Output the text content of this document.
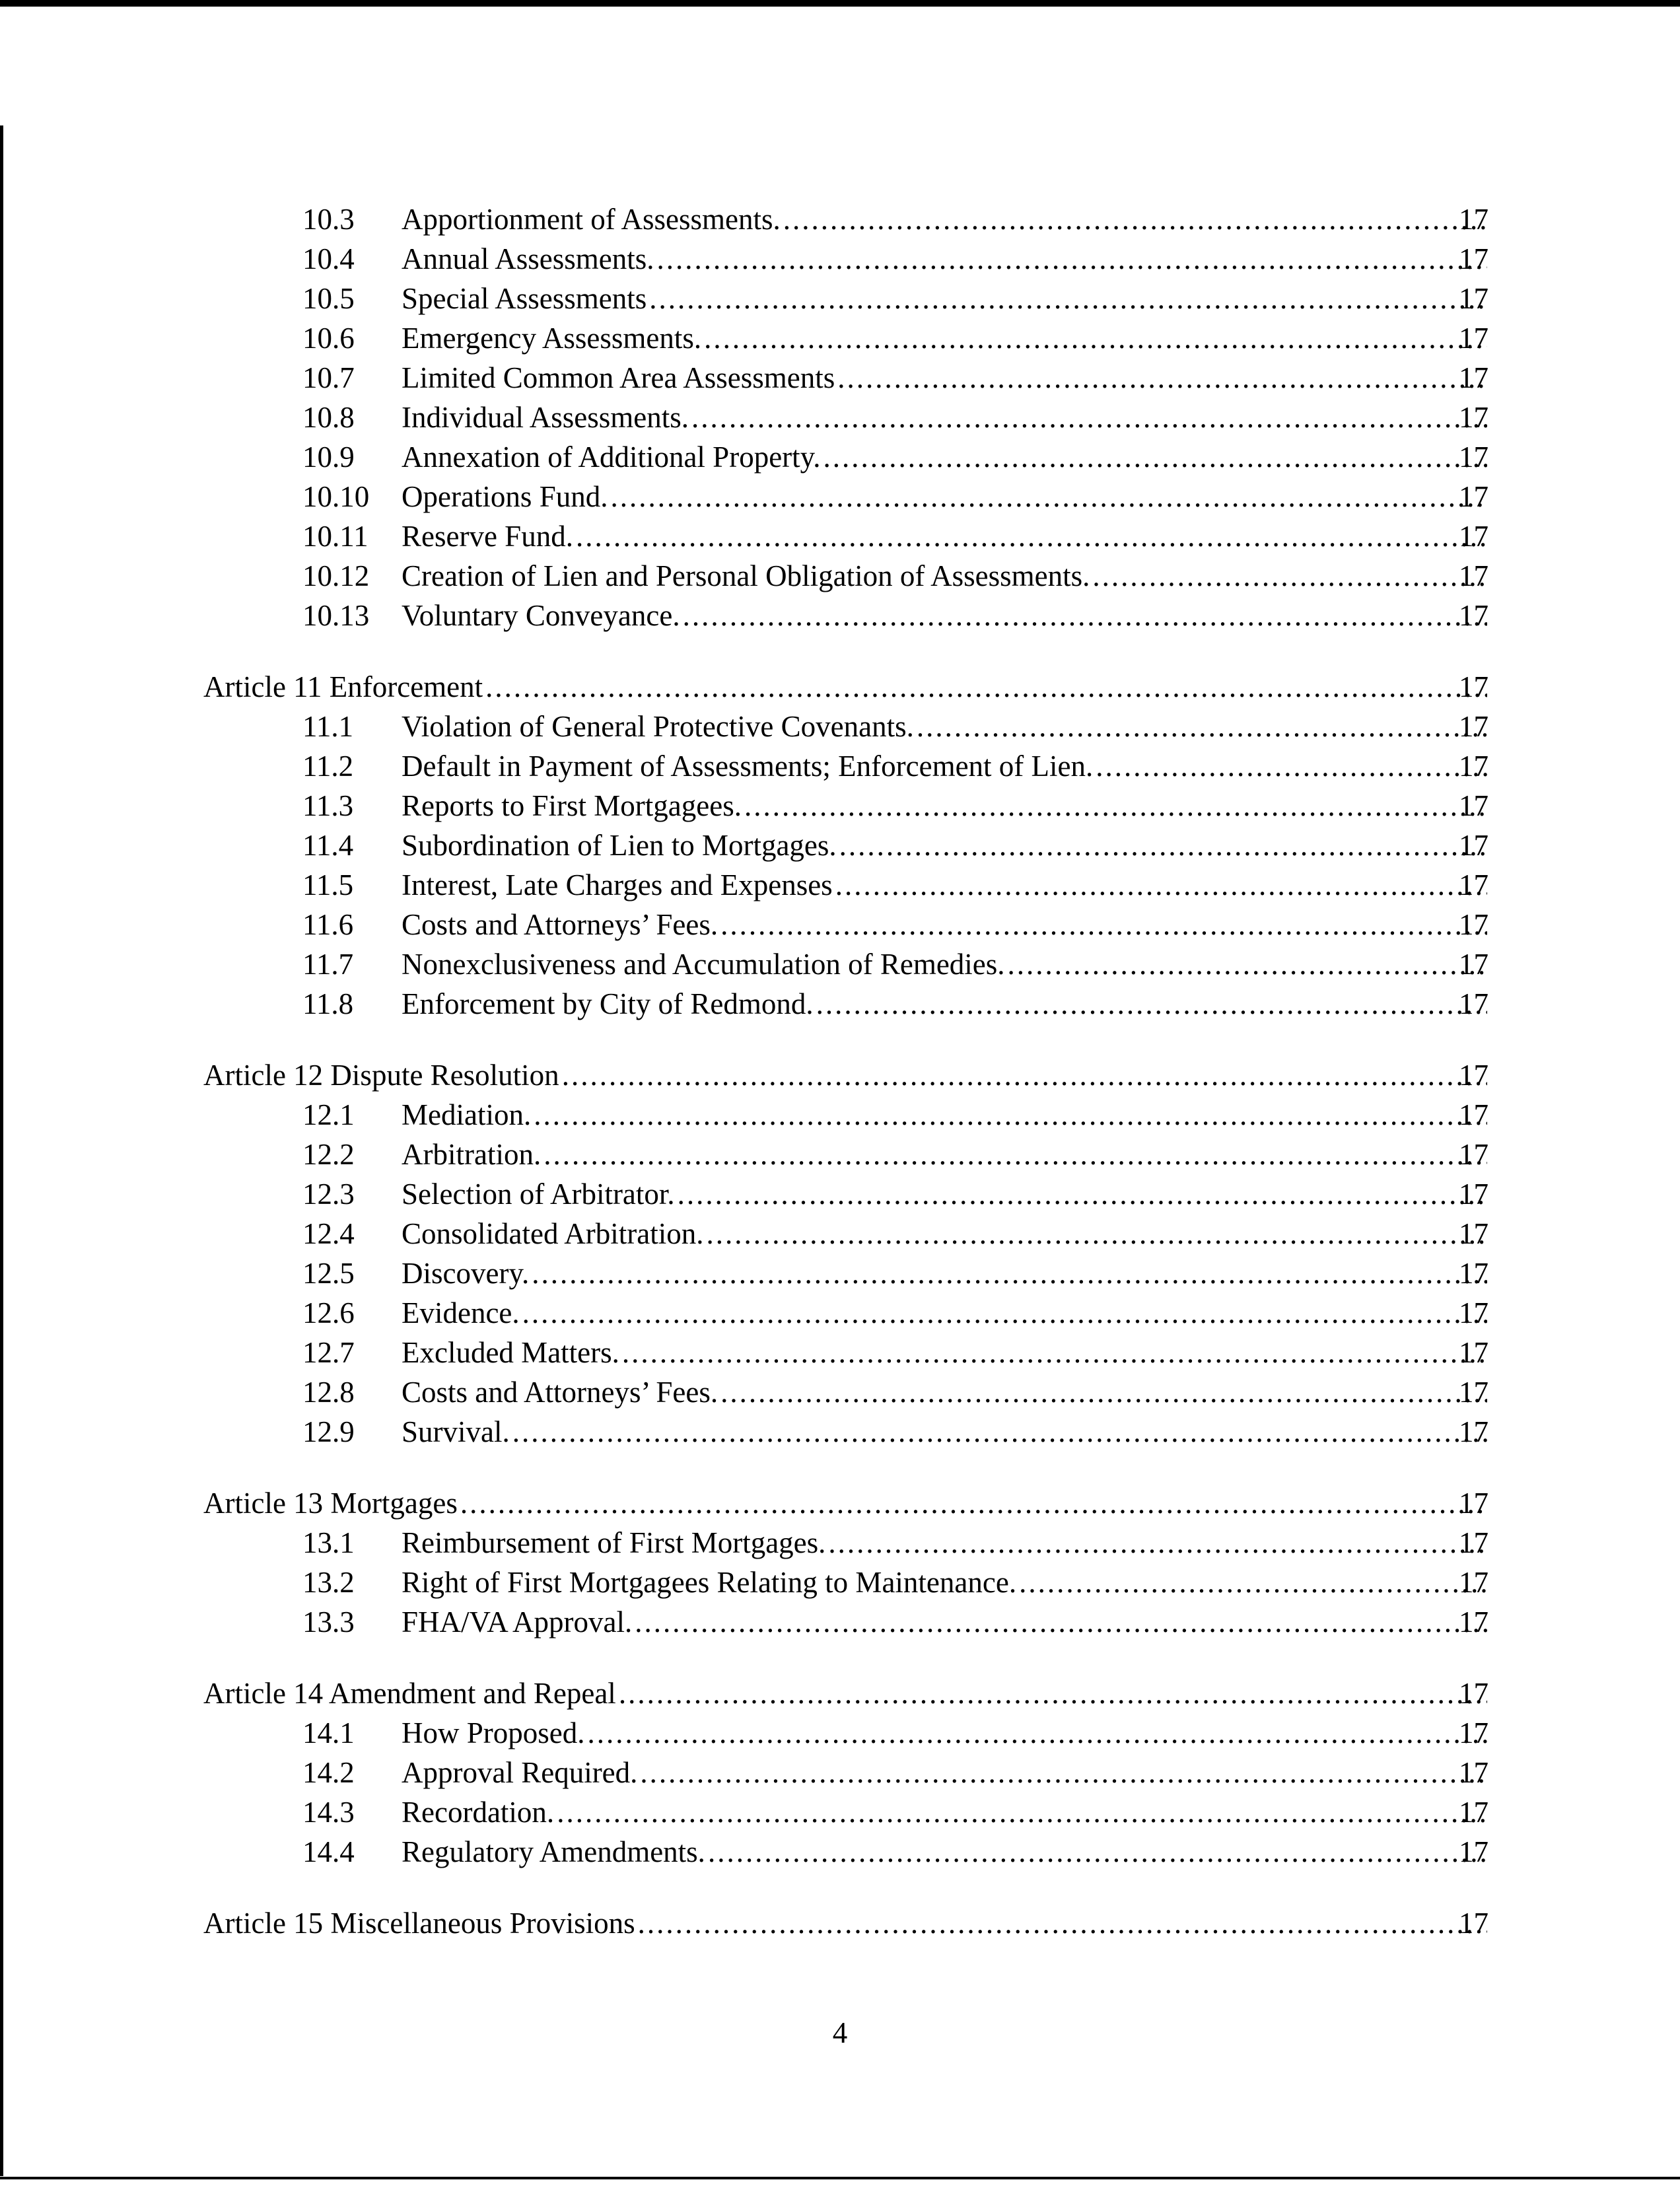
10.3 Apportionment of Assessments. .....	17
10.4 Annual Assessments. .....	17
10.5 Special Assessments .....	17
10.6 Emergency Assessments. .....	17
10.7 Limited Common Area Assessments .....	17
10.8 Individual Assessments. .....	17
10.9 Annexation of Additional Property. .....	17
10.10 Operations Fund. .....	17
10.11 Reserve Fund. .....	17
10.12 Creation of Lien and Personal Obligation of Assessments. .....	17
10.13 Voluntary Conveyance. .....	17
Article 11 Enforcement .....	17
11.1 Violation of General Protective Covenants. .....	17
11.2 Default in Payment of Assessments; Enforcement of Lien. .....	17
11.3 Reports to First Mortgagees. .....	17
11.4 Subordination of Lien to Mortgages. .....	17
11.5 Interest, Late Charges and Expenses .....	17
11.6 Costs and Attorneys’ Fees. .....	17
11.7 Nonexclusiveness and Accumulation of Remedies. .....	17
11.8 Enforcement by City of Redmond. .....	17
Article 12 Dispute Resolution .....	17
12.1 Mediation. .....	17
12.2 Arbitration. .....	17
12.3 Selection of Arbitrator. .....	17
12.4 Consolidated Arbitration. .....	17
12.5 Discovery. .....	17
12.6 Evidence. .....	17
12.7 Excluded Matters. .....	17
12.8 Costs and Attorneys’ Fees. .....	17
12.9 Survival. .....	17
Article 13 Mortgages .....	17
13.1 Reimbursement of First Mortgages. .....	17
13.2 Right of First Mortgagees Relating to Maintenance. .....	17
13.3 FHA/VA Approval. .....	17
Article 14 Amendment and Repeal .....	17
14.1 How Proposed. .....	17
14.2 Approval Required. .....	17
14.3 Recordation. .....	17
14.4 Regulatory Amendments. .....	17
Article 15 Miscellaneous Provisions .....	17
4
